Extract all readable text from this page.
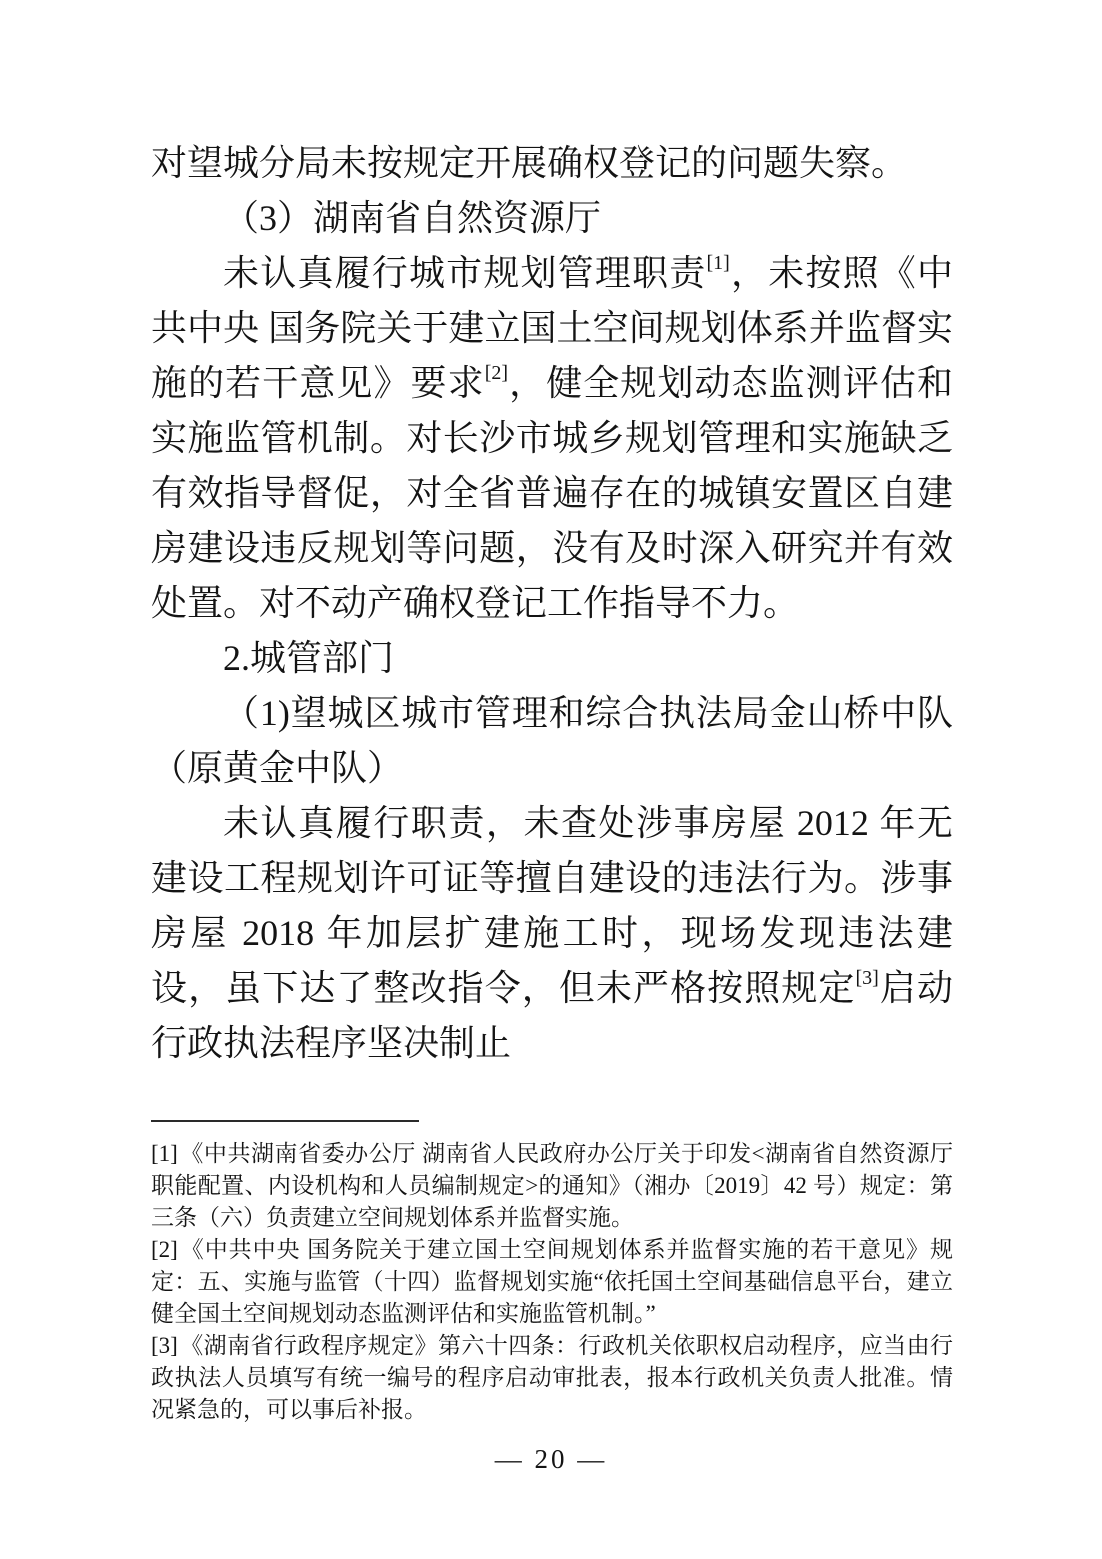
对望城分局未按规定开展确权登记的问题失察。

（3）湖南省自然资源厅

未认真履行城市规划管理职责[1]，未按照《中共中央 国务院关于建立国土空间规划体系并监督实施的若干意见》要求[2]，健全规划动态监测评估和实施监管机制。对长沙市城乡规划管理和实施缺乏有效指导督促，对全省普遍存在的城镇安置区自建房建设违反规划等问题，没有及时深入研究并有效处置。对不动产确权登记工作指导不力。

2.城管部门

（1)望城区城市管理和综合执法局金山桥中队（原黄金中队）

未认真履行职责，未查处涉事房屋 2012 年无建设工程规划许可证等擅自建设的违法行为。涉事房屋 2018 年加层扩建施工时，现场发现违法建设，虽下达了整改指令，但未严格按照规定[3]启动行政执法程序坚决制止

[1]《中共湖南省委办公厅 湖南省人民政府办公厅关于印发<湖南省自然资源厅职能配置、内设机构和人员编制规定>的通知》（湘办〔2019〕42 号）规定：第三条（六）负责建立空间规划体系并监督实施。

[2]《中共中央 国务院关于建立国土空间规划体系并监督实施的若干意见》规定：五、实施与监管（十四）监督规划实施“依托国土空间基础信息平台，建立健全国土空间规划动态监测评估和实施监管机制。”

[3]《湖南省行政程序规定》第六十四条：行政机关依职权启动程序，应当由行政执法人员填写有统一编号的程序启动审批表，报本行政机关负责人批准。情况紧急的，可以事后补报。

— 20 —
